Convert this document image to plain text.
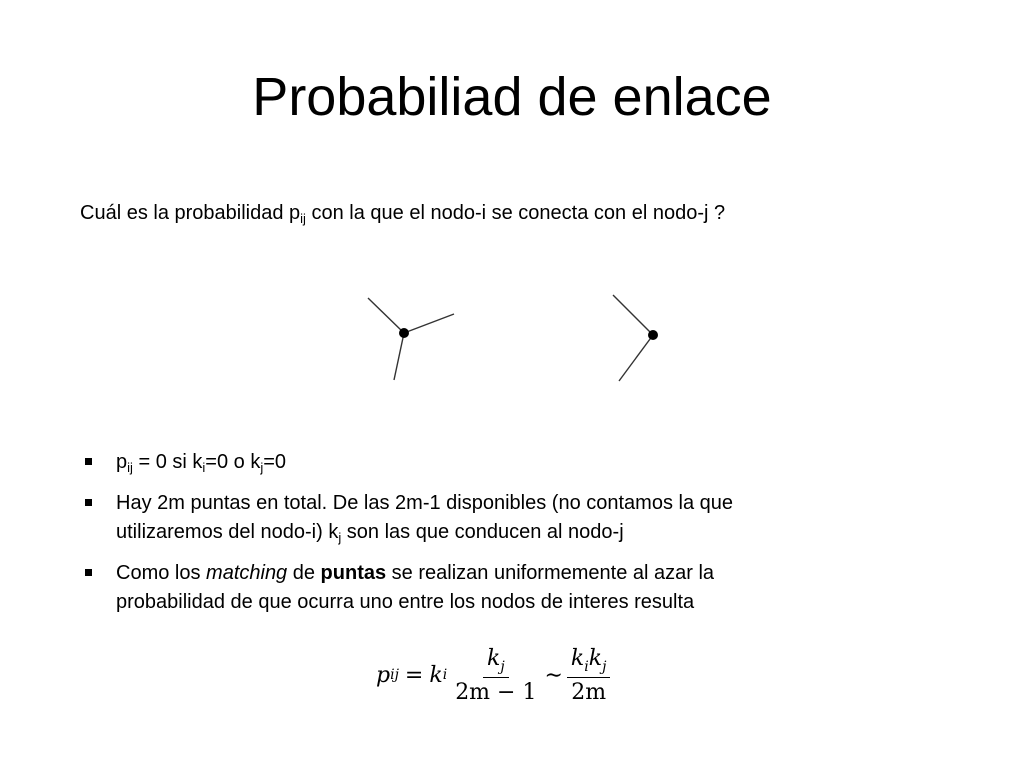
Probabiliad de enlace
Cuál es la probabilidad $p_{ij}$ con la que el nodo-i se conecta con el nodo-j ?
$p_{ij} = 0$ si $k_i=0$ o $k_j=0$
Hay 2m puntas en total. De las 2m-1 disponibles (no contamos la que
utilizaremos del nodo-i) $k_j$ son las que conducen al nodo-j
Como los matching de puntas se realizan uniformemente al azar la
probabilidad de que ocurra uno entre los nodos de interes resulta
p ij = k i $\frac{k_j}{2m - 1}$ ∼ $\frac{k_ik_j}{2m}$
